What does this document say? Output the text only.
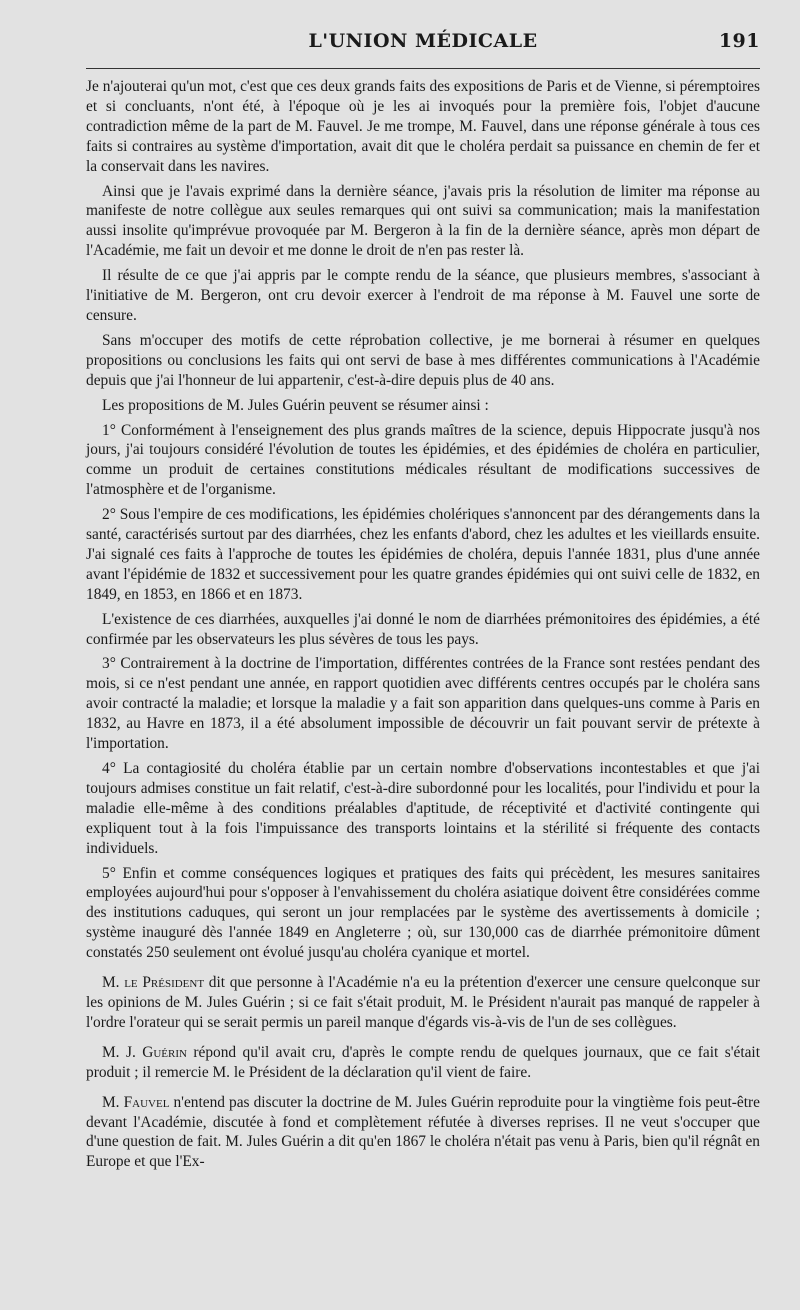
L'UNION MÉDICALE	191

Je n'ajouterai qu'un mot, c'est que ces deux grands faits des expositions de Paris et de Vienne, si péremptoires et si concluants, n'ont été, à l'époque où je les ai invoqués pour la première fois, l'objet d'aucune contradiction même de la part de M. Fauvel. Je me trompe, M. Fauvel, dans une réponse générale à tous ces faits si contraires au système d'importation, avait dit que le choléra perdait sa puissance en chemin de fer et la conservait dans les navires.

Ainsi que je l'avais exprimé dans la dernière séance, j'avais pris la résolution de limiter ma réponse au manifeste de notre collègue aux seules remarques qui ont suivi sa communication; mais la manifestation aussi insolite qu'imprévue provoquée par M. Bergeron à la fin de la dernière séance, après mon départ de l'Académie, me fait un devoir et me donne le droit de n'en pas rester là.

Il résulte de ce que j'ai appris par le compte rendu de la séance, que plusieurs membres, s'associant à l'initiative de M. Bergeron, ont cru devoir exercer à l'endroit de ma réponse à M. Fauvel une sorte de censure.

Sans m'occuper des motifs de cette réprobation collective, je me bornerai à résumer en quelques propositions ou conclusions les faits qui ont servi de base à mes différentes communications à l'Académie depuis que j'ai l'honneur de lui appartenir, c'est-à-dire depuis plus de 40 ans.

Les propositions de M. Jules Guérin peuvent se résumer ainsi :

1° Conformément à l'enseignement des plus grands maîtres de la science, depuis Hippocrate jusqu'à nos jours, j'ai toujours considéré l'évolution de toutes les épidémies, et des épidémies de choléra en particulier, comme un produit de certaines constitutions médicales résultant de modifications successives de l'atmosphère et de l'organisme.

2° Sous l'empire de ces modifications, les épidémies cholériques s'annoncent par des dérangements dans la santé, caractérisés surtout par des diarrhées, chez les enfants d'abord, chez les adultes et les vieillards ensuite. J'ai signalé ces faits à l'approche de toutes les épidémies de choléra, depuis l'année 1831, plus d'une année avant l'épidémie de 1832 et successivement pour les quatre grandes épidémies qui ont suivi celle de 1832, en 1849, en 1853, en 1866 et en 1873.

L'existence de ces diarrhées, auxquelles j'ai donné le nom de diarrhées prémonitoires des épidémies, a été confirmée par les observateurs les plus sévères de tous les pays.

3° Contrairement à la doctrine de l'importation, différentes contrées de la France sont restées pendant des mois, si ce n'est pendant une année, en rapport quotidien avec différents centres occupés par le choléra sans avoir contracté la maladie; et lorsque la maladie y a fait son apparition dans quelques-uns comme à Paris en 1832, au Havre en 1873, il a été absolument impossible de découvrir un fait pouvant servir de prétexte à l'importation.

4° La contagiosité du choléra établie par un certain nombre d'observations incontestables et que j'ai toujours admises constitue un fait relatif, c'est-à-dire subordonné pour les localités, pour l'individu et pour la maladie elle-même à des conditions préalables d'aptitude, de réceptivité et d'activité contingente qui expliquent tout à la fois l'impuissance des transports lointains et la stérilité si fréquente des contacts individuels.

5° Enfin et comme conséquences logiques et pratiques des faits qui précèdent, les mesures sanitaires employées aujourd'hui pour s'opposer à l'envahissement du choléra asiatique doivent être considérées comme des institutions caduques, qui seront un jour remplacées par le système des avertissements à domicile ; système inauguré dès l'année 1849 en Angleterre ; où, sur 130,000 cas de diarrhée prémonitoire dûment constatés 250 seulement ont évolué jusqu'au choléra cyanique et mortel.

M. le Président dit que personne à l'Académie n'a eu la prétention d'exercer une censure quelconque sur les opinions de M. Jules Guérin ; si ce fait s'était produit, M. le Président n'aurait pas manqué de rappeler à l'ordre l'orateur qui se serait permis un pareil manque d'égards vis-à-vis de l'un de ses collègues.

M. J. Guérin répond qu'il avait cru, d'après le compte rendu de quelques journaux, que ce fait s'était produit ; il remercie M. le Président de la déclaration qu'il vient de faire.

M. Fauvel n'entend pas discuter la doctrine de M. Jules Guérin reproduite pour la vingtième fois peut-être devant l'Académie, discutée à fond et complètement réfutée à diverses reprises. Il ne veut s'occuper que d'une question de fait. M. Jules Guérin a dit qu'en 1867 le choléra n'était pas venu à Paris, bien qu'il régnât en Europe et que l'Ex-
